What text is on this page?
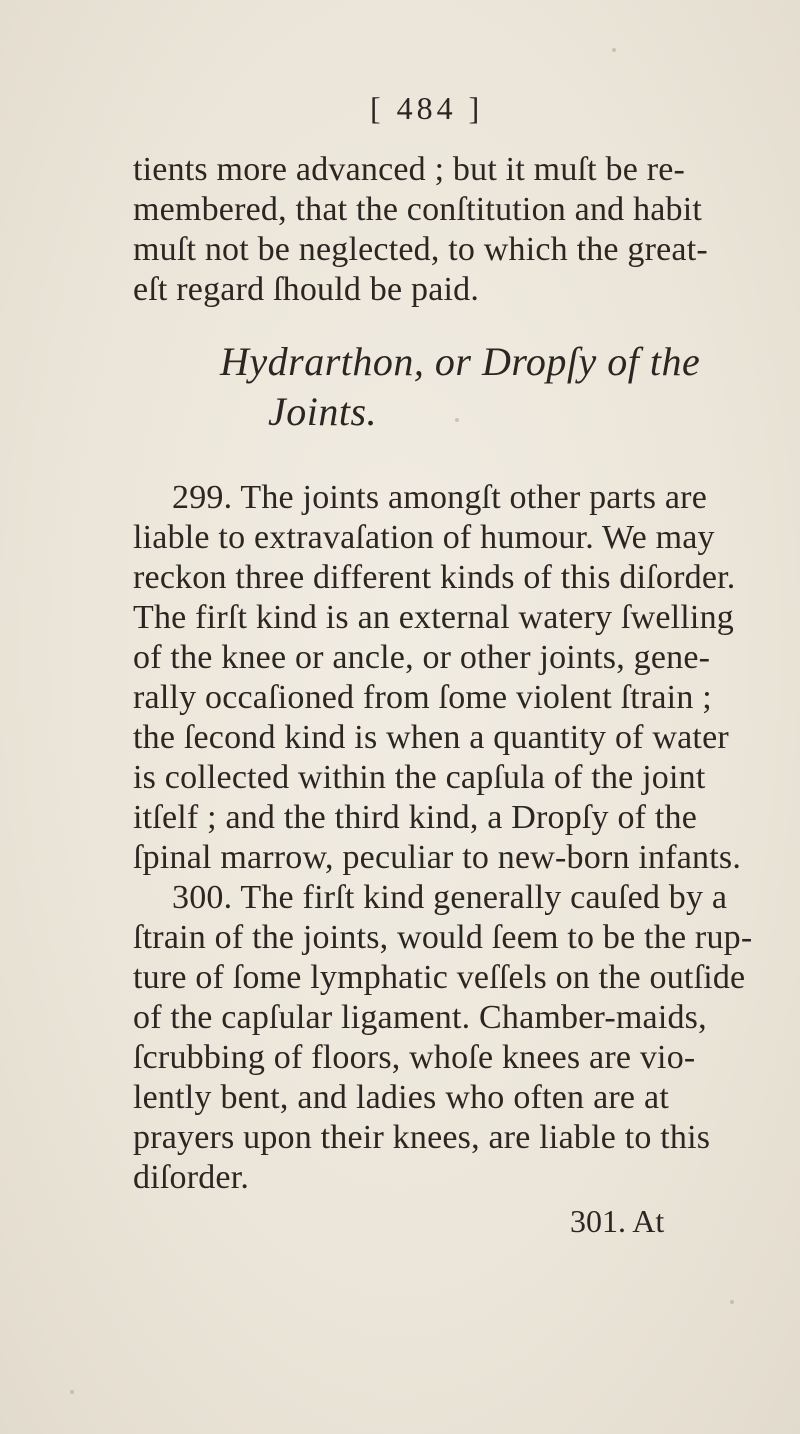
[ 484 ]
tients more advanced ; but it muſt be re-
membered, that the conſtitution and habit
muſt not be neglected, to which the great-
eſt regard ſhould be paid.
Hydrarthon, or Dropſy of the
Joints.
299. The joints amongſt other parts are
liable to extravaſation of humour. We may
reckon three different kinds of this diſorder.
The firſt kind is an external watery ſwelling
of the knee or ancle, or other joints, gene-
rally occaſioned from ſome violent ſtrain ;
the ſecond kind is when a quantity of water
is collected within the capſula of the joint
itſelf ; and the third kind, a Dropſy of the
ſpinal marrow, peculiar to new-born infants.
300. The firſt kind generally cauſed by a
ſtrain of the joints, would ſeem to be the rup-
ture of ſome lymphatic veſſels on the outſide
of the capſular ligament. Chamber-maids,
ſcrubbing of floors, whoſe knees are vio-
lently bent, and ladies who often are at
prayers upon their knees, are liable to this
diſorder.
301. At
